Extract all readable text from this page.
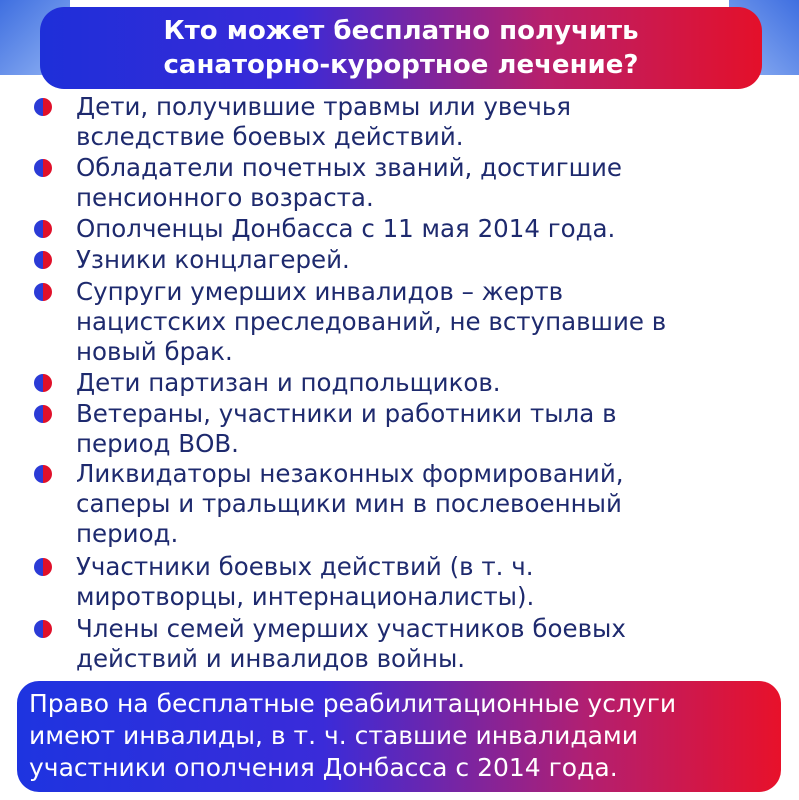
Кто может бесплатно получить
санаторно-курортное лечение?
Дети, получившие травмы или увечья
вследствие боевых действий.
Обладатели почетных званий, достигшие
пенсионного возраста.
Ополченцы Донбасса с 11 мая 2014 года.
Узники концлагерей.
Супруги умерших инвалидов – жертв
нацистских преследований, не вступавшие в
новый брак.
Дети партизан и подпольщиков.
Ветераны, участники и работники тыла в
период ВОВ.
Ликвидаторы незаконных формирований,
саперы и тральщики мин в послевоенный
период.
Участники боевых действий (в т. ч.
миротворцы, интернационалисты).
Члены семей умерших участников боевых
действий и инвалидов войны.
Право на бесплатные реабилитационные услуги
имеют инвалиды, в т. ч. ставшие инвалидами
участники ополчения Донбасса с 2014 года.
